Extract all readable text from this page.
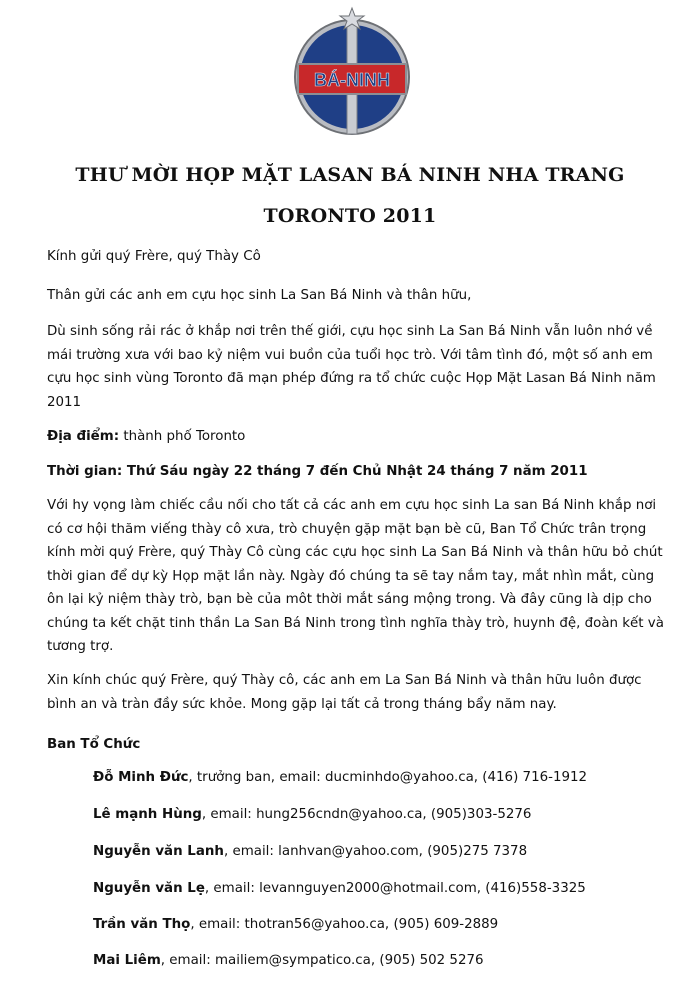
BÁ-NINH
THƯ MỜI HỌP MẶT LASAN BÁ NINH NHA TRANG
TORONTO 2011

Kính gửi quý Frère, quý Thày Cô

Thân gửi các anh em cựu học sinh La San Bá Ninh và thân hữu,

Dù sinh sống rải rác ở khắp nơi trên thế giới, cựu học sinh La San Bá Ninh vẫn luôn nhớ về mái trường xưa với bao kỷ niệm vui buồn của tuổi học trò. Với tâm tình đó, một số anh em cựu học sinh vùng Toronto đã mạn phép đứng ra tổ chức cuộc Họp Mặt Lasan Bá Ninh năm 2011

Địa điểm: thành phố Toronto

Thời gian: Thứ Sáu ngày 22 tháng 7 đến Chủ Nhật 24 tháng 7 năm 2011

Với hy vọng làm chiếc cầu nối cho tất cả các anh em cựu học sinh La san Bá Ninh khắp nơi có cơ hội thăm viếng thày cô xưa, trò chuyện gặp mặt bạn bè cũ, Ban Tổ Chức trân trọng kính mời quý Frère, quý Thày Cô cùng các cựu học sinh La San Bá Ninh và thân hữu bỏ chút thời gian để dự kỳ Họp mặt lần này. Ngày đó chúng ta sẽ tay nắm tay, mắt nhìn mắt, cùng ôn lại kỷ niệm thày trò, bạn bè của môt thời mắt sáng mộng trong. Và đây cũng là dịp cho chúng ta kết chặt tinh thần La San Bá Ninh trong tình nghĩa thày trò, huynh đệ, đoàn kết và tương trợ.

Xin kính chúc quý Frère, quý Thày cô, các anh em La San Bá Ninh và thân hữu luôn được bình an và tràn đầy sức khỏe. Mong gặp lại tất cả trong tháng bẩy năm nay.

Ban Tổ Chức

Đỗ Minh Đức, trưởng ban, email: ducminhdo@yahoo.ca, (416) 716-1912
Lê mạnh Hùng, email: hung256cndn@yahoo.ca, (905)303-5276
Nguyễn văn Lanh, email: lanhvan@yahoo.com, (905)275 7378
Nguyễn văn Lẹ, email: levannguyen2000@hotmail.com, (416)558-3325
Trần văn Thọ, email: thotran56@yahoo.ca, (905) 609-2889
Mai Liêm, email: mailiem@sympatico.ca, (905) 502 5276
